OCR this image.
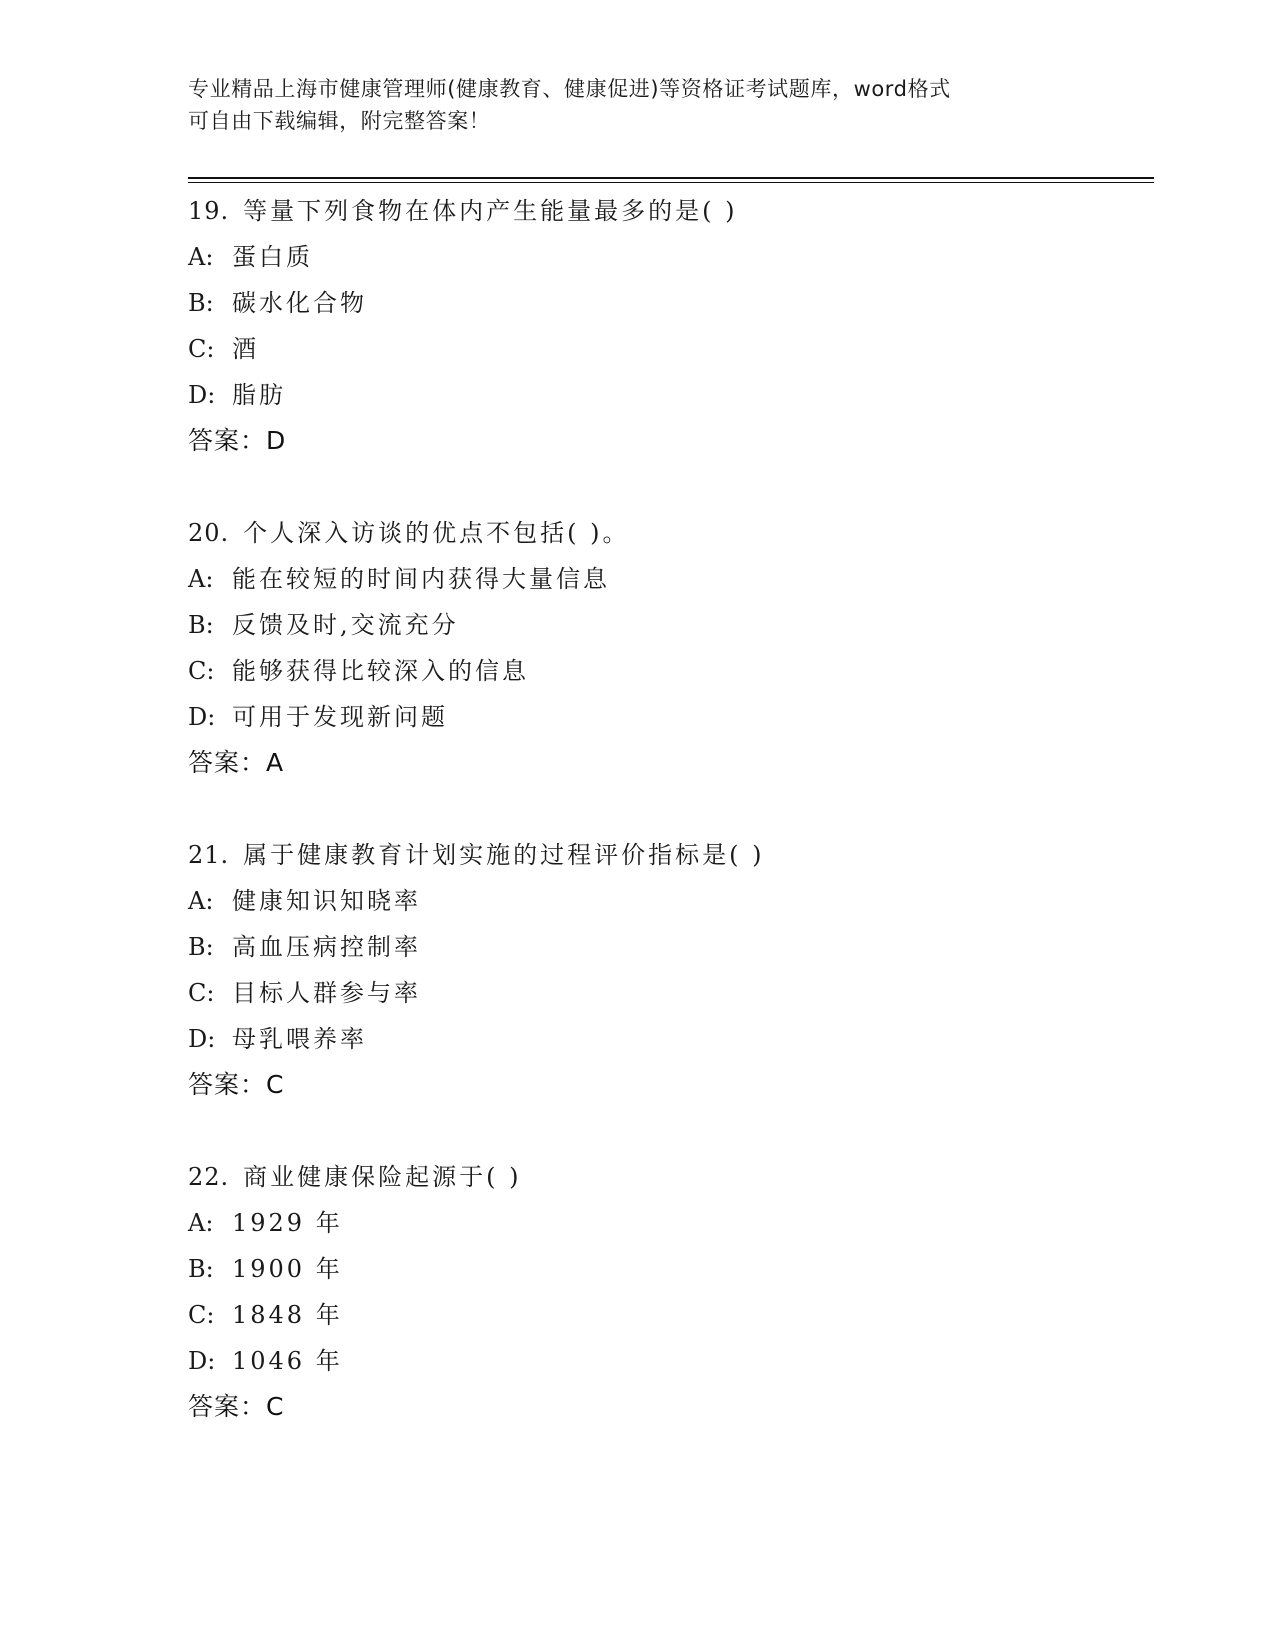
专业精品上海市健康管理师(健康教育、健康促进)等资格证考试题库，word格式
可自由下载编辑，附完整答案！
19. 等量下列食物在体内产生能量最多的是( )
A: 蛋白质
B: 碳水化合物
C: 酒
D: 脂肪
答案：D
20. 个人深入访谈的优点不包括( )。
A: 能在较短的时间内获得大量信息
B: 反馈及时,交流充分
C: 能够获得比较深入的信息
D: 可用于发现新问题
答案：A
21. 属于健康教育计划实施的过程评价指标是( )
A: 健康知识知晓率
B: 高血压病控制率
C: 目标人群参与率
D: 母乳喂养率
答案：C
22. 商业健康保险起源于( )
A: 1929 年
B: 1900 年
C: 1848 年
D: 1046 年
答案：C
